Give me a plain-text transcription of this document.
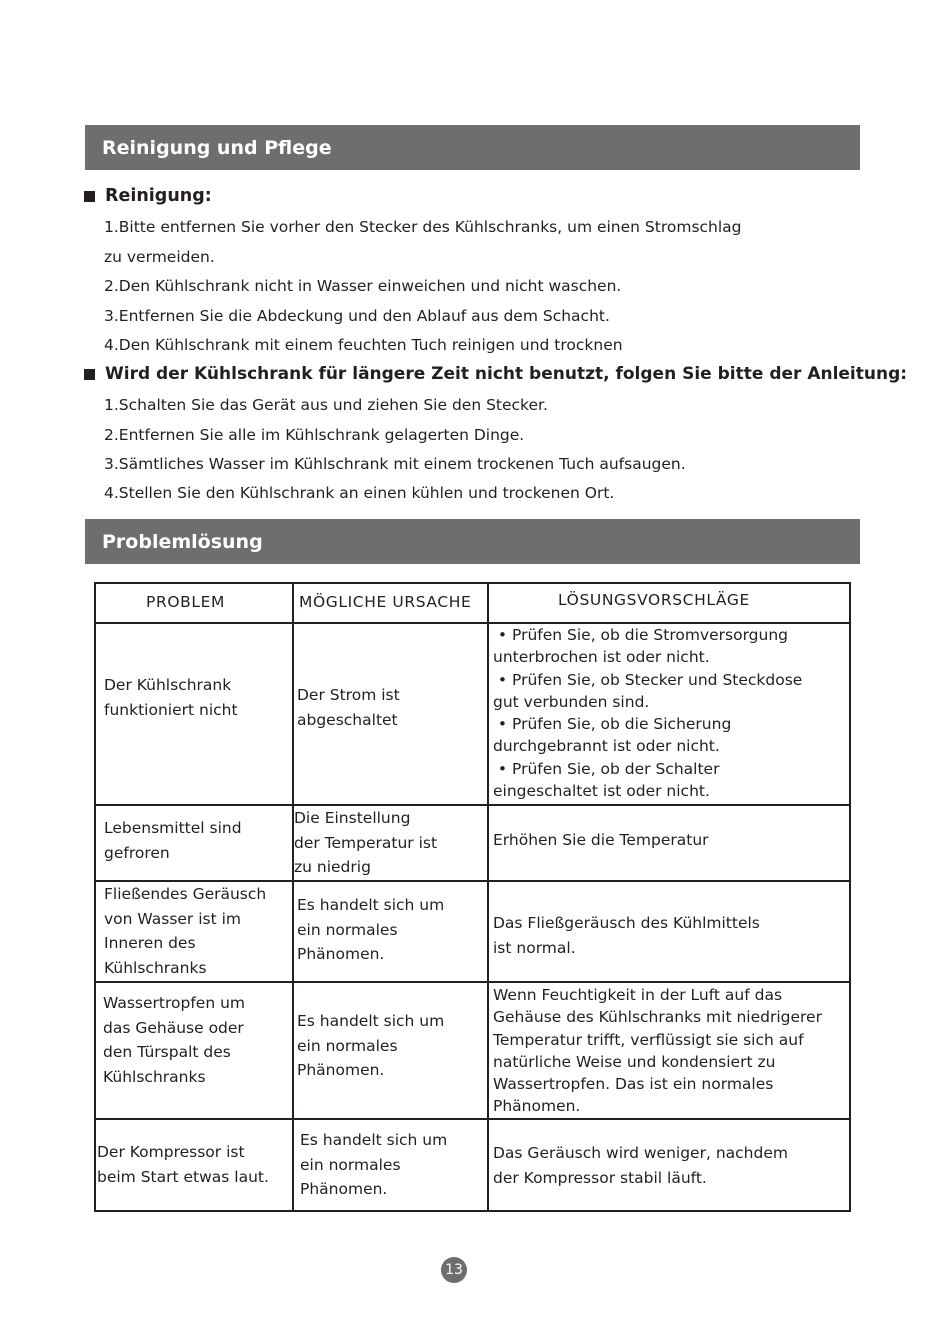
Reinigung und Pflege
Reinigung:
1.Bitte entfernen Sie vorher den Stecker des Kühlschranks, um einen Stromschlag
zu vermeiden.
2.Den Kühlschrank nicht in Wasser einweichen und nicht waschen.
3.Entfernen Sie die Abdeckung und den Ablauf aus dem Schacht.
4.Den Kühlschrank mit einem feuchten Tuch reinigen und trocknen
Wird der Kühlschrank für längere Zeit nicht benutzt, folgen Sie bitte der Anleitung:
1.Schalten Sie das Gerät aus und ziehen Sie den Stecker.
2.Entfernen Sie alle im Kühlschrank gelagerten Dinge.
3.Sämtliches Wasser im Kühlschrank mit einem trockenen Tuch aufsaugen.
4.Stellen Sie den Kühlschrank an einen kühlen und trockenen Ort.
Problemlösung
PROBLEM	MÖGLICHE URSACHE	LÖSUNGSVORSCHLÄGE
Der Kühlschrank
funktioniert nicht
Der Strom ist
abgeschaltet
• Prüfen Sie, ob die Stromversorgung
unterbrochen ist oder nicht.
• Prüfen Sie, ob Stecker und Steckdose
gut verbunden sind.
• Prüfen Sie, ob die Sicherung
durchgebrannt ist oder nicht.
• Prüfen Sie, ob der Schalter
eingeschaltet ist oder nicht.
Lebensmittel sind
gefroren
Die Einstellung
der Temperatur ist
zu niedrig
Erhöhen Sie die Temperatur
Fließendes Geräusch
von Wasser ist im
Inneren des
Kühlschranks
Es handelt sich um
ein normales
Phänomen.
Das Fließgeräusch des Kühlmittels
ist normal.
Wassertropfen um
das Gehäuse oder
den Türspalt des
Kühlschranks
Es handelt sich um
ein normales
Phänomen.
Wenn Feuchtigkeit in der Luft auf das
Gehäuse des Kühlschranks mit niedrigerer
Temperatur trifft, verflüssigt sie sich auf
natürliche Weise und kondensiert zu
Wassertropfen. Das ist ein normales
Phänomen.
Der Kompressor ist
beim Start etwas laut.
Es handelt sich um
ein normales
Phänomen.
Das Geräusch wird weniger, nachdem
der Kompressor stabil läuft.
13
